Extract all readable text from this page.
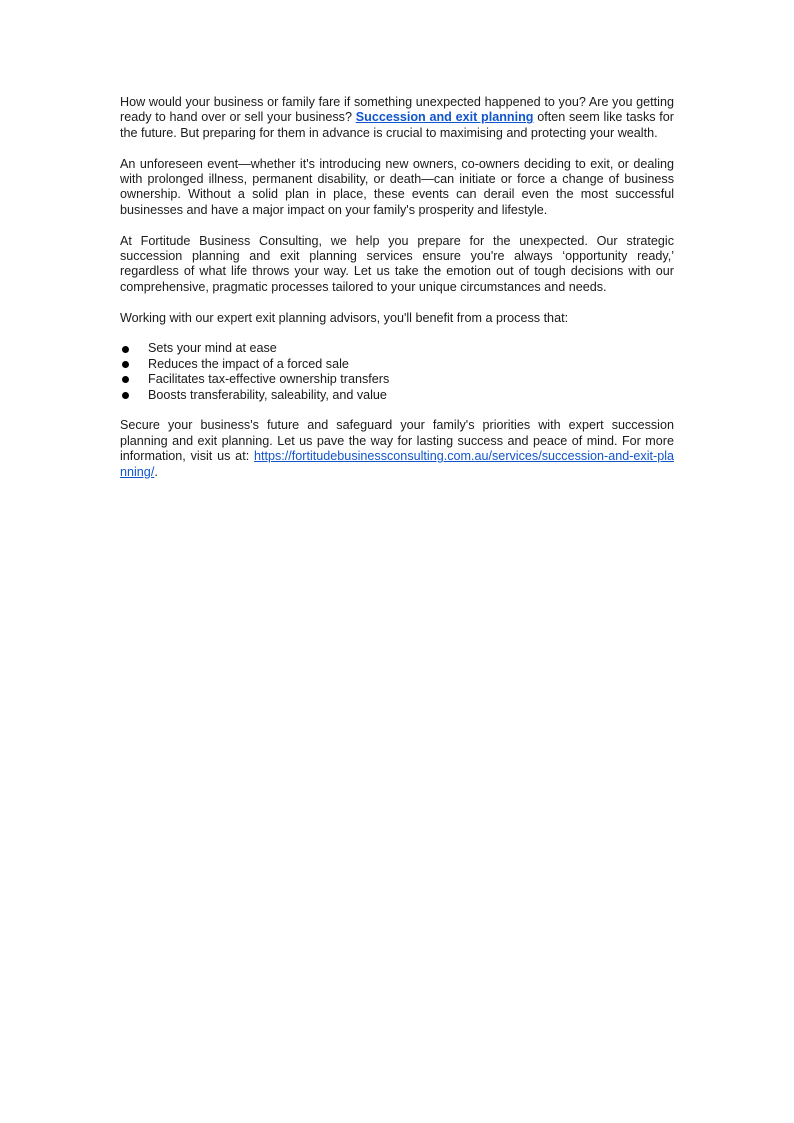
How would your business or family fare if something unexpected happened to you? Are you getting ready to hand over or sell your business? Succession and exit planning often seem like tasks for the future. But preparing for them in advance is crucial to maximising and protecting your wealth.

An unforeseen event—whether it's introducing new owners, co-owners deciding to exit, or dealing with prolonged illness, permanent disability, or death—can initiate or force a change of business ownership. Without a solid plan in place, these events can derail even the most successful businesses and have a major impact on your family's prosperity and lifestyle.

At Fortitude Business Consulting, we help you prepare for the unexpected. Our strategic succession planning and exit planning services ensure you're always ‘opportunity ready,’ regardless of what life throws your way. Let us take the emotion out of tough decisions with our comprehensive, pragmatic processes tailored to your unique circumstances and needs.

Working with our expert exit planning advisors, you'll benefit from a process that:

Sets your mind at ease
Reduces the impact of a forced sale
Facilitates tax-effective ownership transfers
Boosts transferability, saleability, and value

Secure your business's future and safeguard your family's priorities with expert succession planning and exit planning. Let us pave the way for lasting success and peace of mind. For more information, visit us at: https://fortitudebusinessconsulting.com.au/services/succession-and-exit-planning/.
